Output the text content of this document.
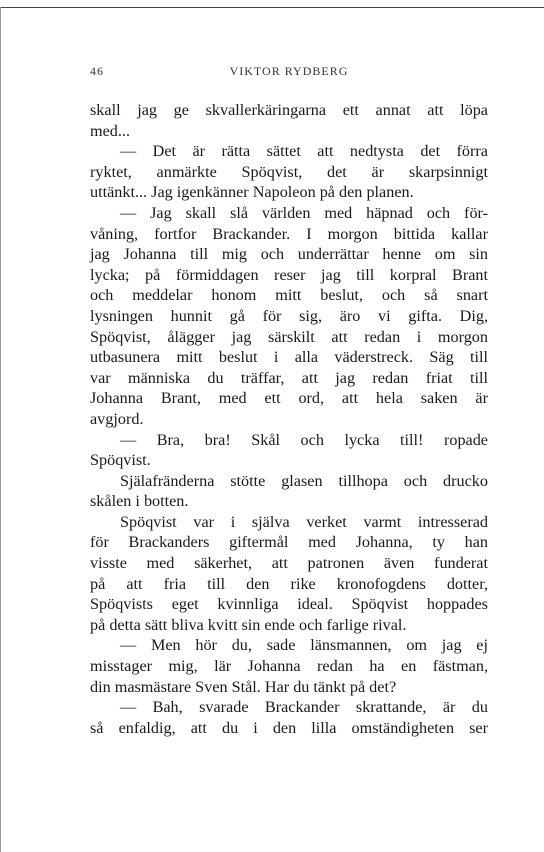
46	VIKTOR RYDBERG
skall jag ge skvallerkäringarna ett annat att löpa
med...
— Det är rätta sättet att nedtysta det förra
ryktet, anmärkte Spöqvist, det är skarpsinnigt
uttänkt... Jag igenkänner Napoleon på den planen.
— Jag skall slå världen med häpnad och för-
våning, fortfor Brackander. I morgon bittida kallar
jag Johanna till mig och underrättar henne om sin
lycka; på förmiddagen reser jag till korpral Brant
och meddelar honom mitt beslut, och så snart
lysningen hunnit gå för sig, äro vi gifta. Dig,
Spöqvist, ålägger jag särskilt att redan i morgon
utbasunera mitt beslut i alla väderstreck. Säg till
var människa du träffar, att jag redan friat till
Johanna Brant, med ett ord, att hela saken är
avgjord.
— Bra, bra! Skål och lycka till! ropade
Spöqvist.
Själafränderna stötte glasen tillhopa och drucko
skålen i botten.
Spöqvist var i själva verket varmt intresserad
för Brackanders giftermål med Johanna, ty han
visste med säkerhet, att patronen även funderat
på att fria till den rike kronofogdens dotter,
Spöqvists eget kvinnliga ideal. Spöqvist hoppades
på detta sätt bliva kvitt sin ende och farlige rival.
— Men hör du, sade länsmannen, om jag ej
misstager mig, lär Johanna redan ha en fästman,
din masmästare Sven Stål. Har du tänkt på det?
— Bah, svarade Brackander skrattande, är du
så enfaldig, att du i den lilla omständigheten ser
